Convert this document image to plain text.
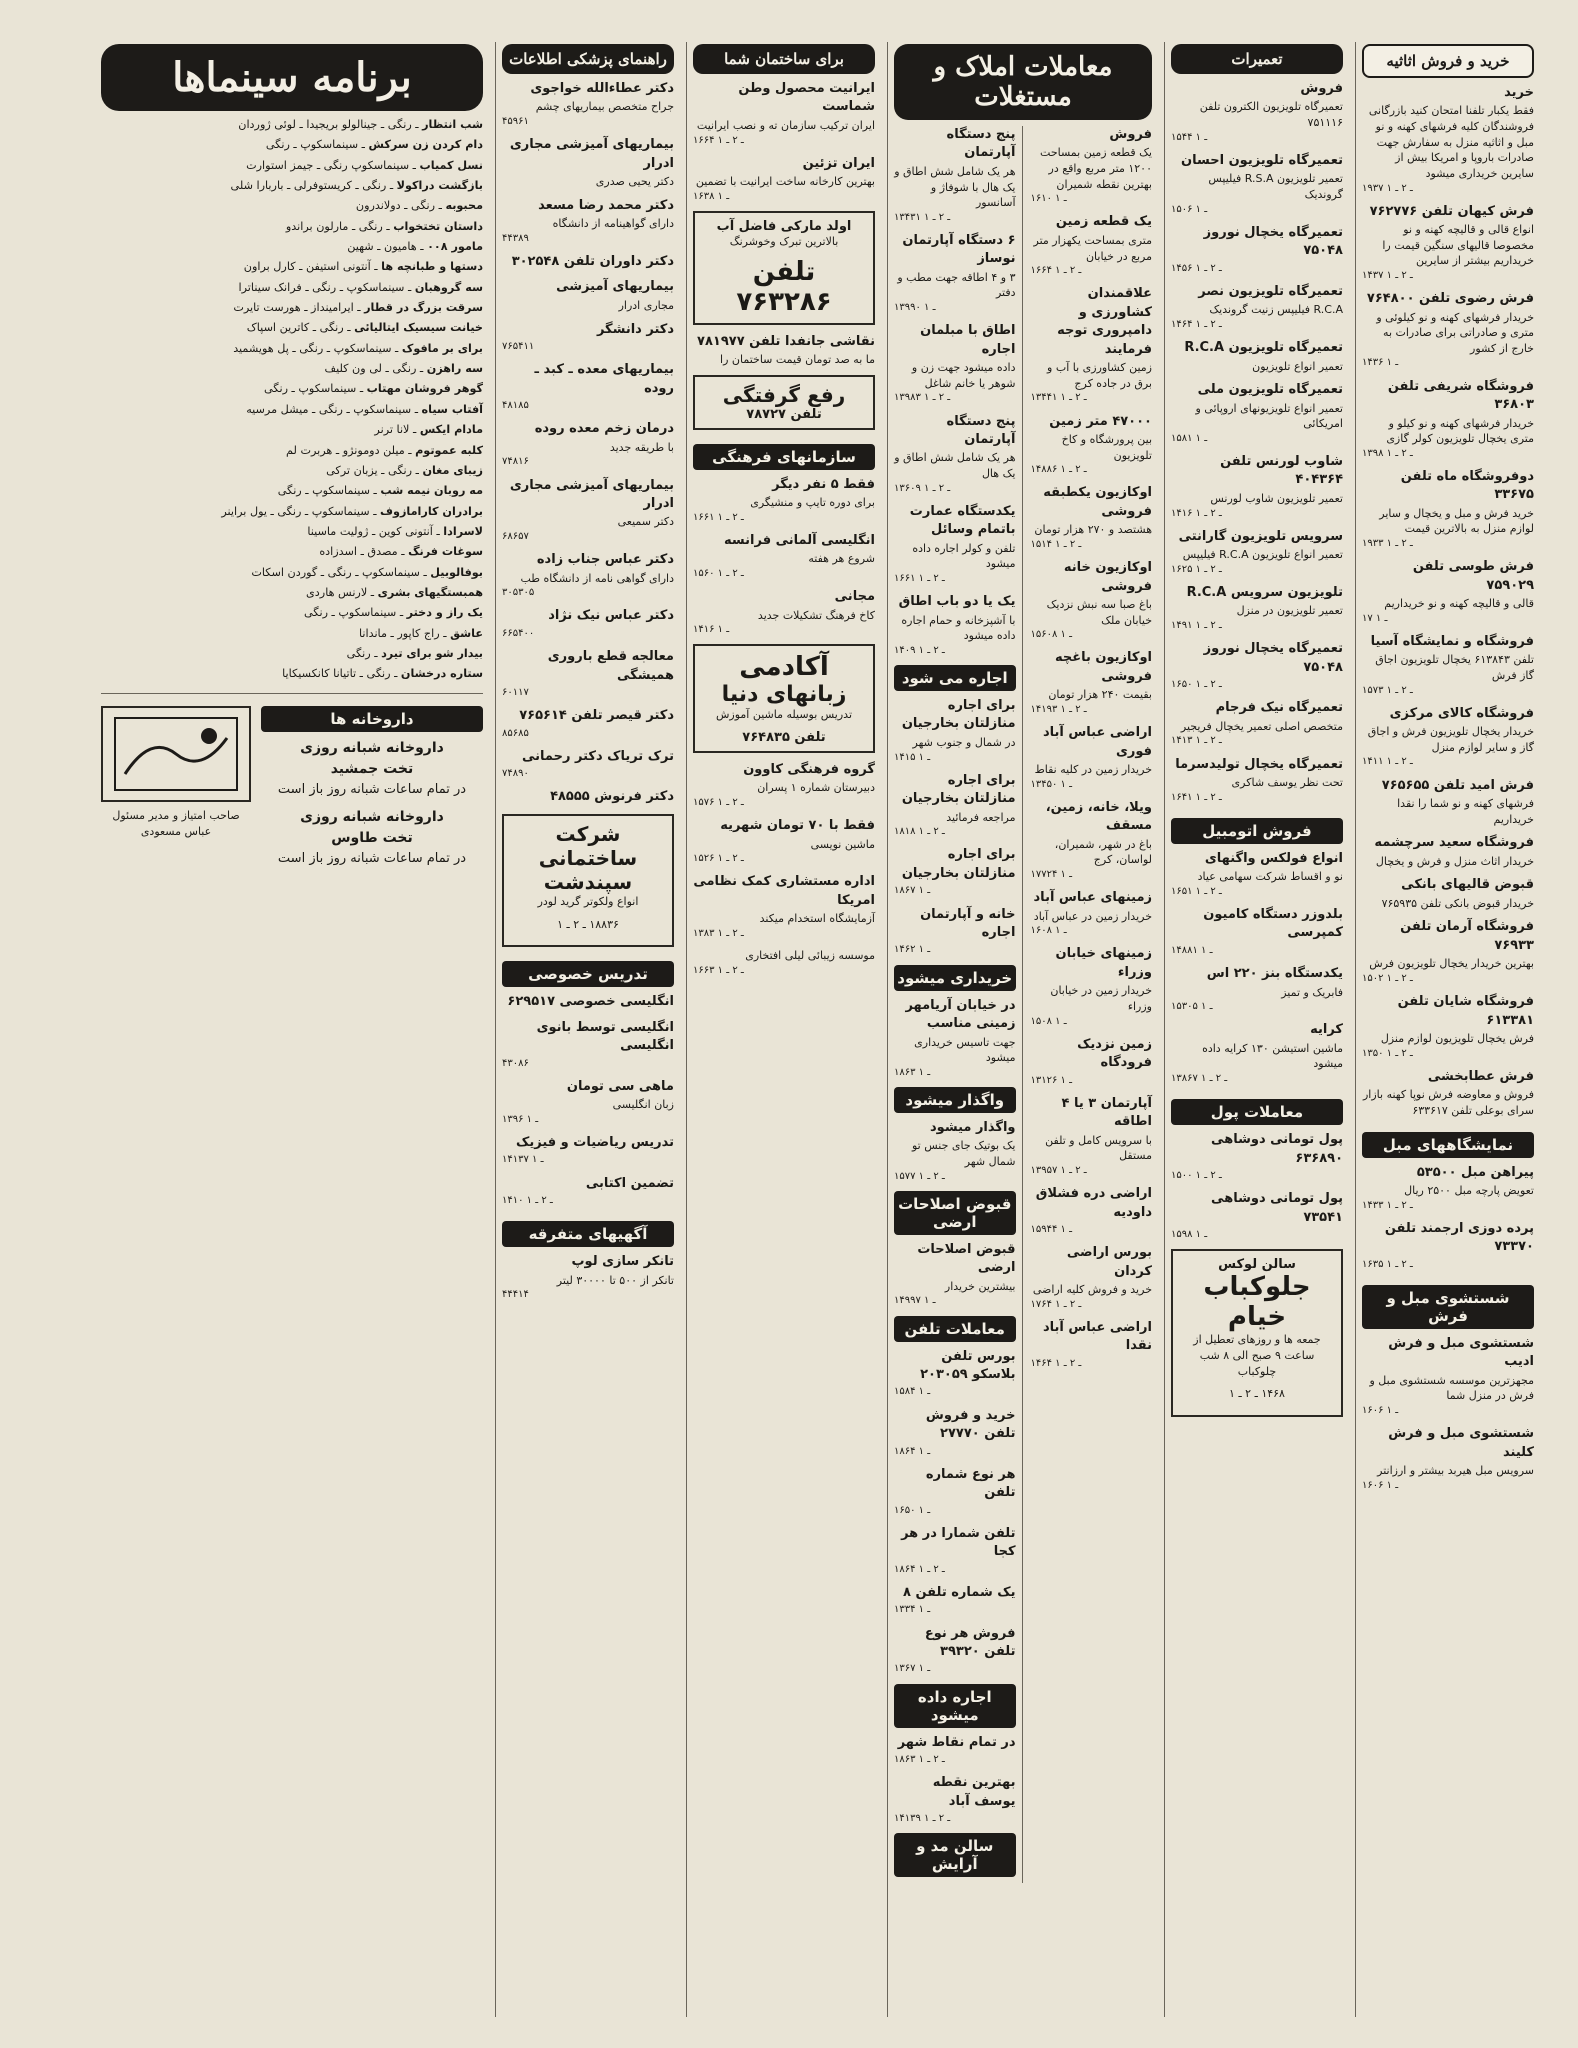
خرید و فروش اثاثیه
خرید
فقط یکبار تلفنا امتحان کنید بازرگانی فروشندگان کلیه فرشهای کهنه و نو مبل و اثاثیه منزل به سفارش جهت صادرات باروپا و امریکا بیش از سایرین خریداری میشود
۱۹۳۷ ـ ۲ ـ ۱
فرش کیهان تلفن ۷۶۲۷۷۶
انواع قالی و قالیچه کهنه و نو مخصوصا قالیهای سنگین قیمت را خریداریم بیشتر از سایرین
۱۴۳۷ ـ ۲ ـ ۱
فرش رضوی تلفن ۷۶۴۸۰۰
خریدار فرشهای کهنه و نو کیلوئی و متری و صادراتی برای صادرات به خارج از کشور
۱۴۳۶ ـ ۱
فروشگاه شریفی تلفن ۳۶۸۰۳
خریدار فرشهای کهنه و نو کیلو و متری یخچال تلویزیون کولر گازی
۱۳۹۸ ـ ۲ ـ ۱
دوفروشگاه ماه تلفن ۳۳۶۷۵
خرید فرش و مبل و یخچال و سایر لوازم منزل به بالاترین قیمت
۱۹۳۳ ـ ۲ ـ ۱
فرش طوسی تلفن ۷۵۹۰۲۹
قالی و قالیچه کهنه و نو خریداریم
۱۷ ـ ۱
فروشگاه و نمایشگاه آسیا
تلفن ۶۱۳۸۴۳ یخچال تلویزیون اجاق گاز فرش
۱۵۷۳ ـ ۲ ـ ۱
فروشگاه کالای مرکزی
خریدار یخچال تلویزیون فرش و اجاق گاز و سایر لوازم منزل
۱۴۱۱ ـ ۲ ـ ۱
فرش امید تلفن ۷۶۵۶۵۵
فرشهای کهنه و نو شما را نقدا خریداریم
فروشگاه سعید سرچشمه
خریدار اثاث منزل و فرش و یخچال
قبوض قالیهای بانکی
خریدار قبوض بانکی تلفن ۷۶۵۹۳۵
فروشگاه آرمان تلفن ۷۶۹۳۳
بهترین خریدار یخچال تلویزیون فرش
۱۵۰۲ ـ ۲ ـ ۱
فروشگاه شایان تلفن ۶۱۳۳۸۱
فرش یخچال تلویزیون لوازم منزل
۱۳۵۰ ـ ۲ ـ ۱
فرش عطابخشی
فروش و معاوضه فرش نوپا کهنه بازار سرای بوعلی تلفن ۶۳۳۶۱۷
نمایشگاههای مبل
پیراهن مبل ۵۳۵۰۰
تعویض پارچه مبل ۲۵۰۰ ریال
۱۴۳۳ ـ ۲ ـ ۱
پرده دوزی ارجمند تلفن ۷۳۳۷۰
۱۶۳۵ ـ ۲ ـ ۱
شستشوی مبل و فرش
شستشوی مبل و فرش ادیب
مجهزترین موسسه شستشوی مبل و فرش در منزل شما
۱۶۰۶ ـ ۱
شستشوی مبل و فرش کلیند
سرویس مبل هیربد بیشتر و ارزانتر
۱۶۰۶ ـ ۱
تعمیرات
فروش
تعمیرگاه تلویزیون الکترون تلفن ۷۵۱۱۱۶
۱۵۴۴ ـ ۱
تعمیرگاه تلویزیون احسان
تعمیر تلویزیون R.S.A فیلیپس گروندیک
۱۵۰۶ ـ ۱
تعمیرگاه یخچال نوروز ۷۵۰۴۸
۱۴۵۶ ـ ۲ ـ ۱
تعمیرگاه تلویزیون نصر
R.C.A فیلیپس زنیت گروندیک
۱۴۶۴ ـ ۲ ـ ۱
تعمیرگاه تلویزیون R.C.A
تعمیر انواع تلویزیون
تعمیرگاه تلویزیون ملی
تعمیر انواع تلویزیونهای اروپائی و امریکائی
۱۵۸۱ ـ ۱
شاوب لورنس تلفن ۴۰۴۳۶۴
تعمیر تلویزیون شاوب لورنس
۱۴۱۶ ـ ۲ ـ ۱
سرویس تلویزیون گارانتی
تعمیر انواع تلویزیون R.C.A فیلیپس
۱۶۲۵ ـ ۲ ـ ۱
تلویزیون سرویس R.C.A
تعمیر تلویزیون در منزل
۱۴۹۱ ـ ۲ ـ ۱
تعمیرگاه یخچال نوروز ۷۵۰۴۸
۱۶۵۰ ـ ۲ ـ ۱
تعمیرگاه نیک فرجام
متخصص اصلی تعمیر یخچال فریجیر
۱۴۱۳ ـ ۲ ـ ۱
تعمیرگاه یخچال تولیدسرما
تحت نظر یوسف شاکری
۱۶۴۱ ـ ۲ ـ ۱
فروش اتومبیل
انواع فولکس واگنهای
نو و اقساط شرکت سهامی عیاد
۱۶۵۱ ـ ۲ ـ ۱
بلدوزر دستگاه کامیون کمپرسی
۱۴۸۸۱ ـ ۱
یکدستگاه بنز ۲۲۰ اس
فابریک و تمیز
۱۵۳۰۵ ـ ۱
کرایه
ماشین استیشن ۱۳۰ کرایه داده میشود
۱۳۸۶۷ ـ ۲ ـ ۱
معاملات پول
پول تومانی دوشاهی ۶۳۶۸۹۰
۱۵۰۰ ـ ۲ ـ ۱
پول تومانی دوشاهی ۷۳۵۴۱
۱۵۹۸ ـ ۱
سالن لوکس
جلوکباب خیام
جمعه ها و روزهای تعطیل از ساعت ۹ صبح الی ۸ شب چلوکباب
۱۴۶۸ ـ ۲ ـ ۱
معاملات املاک و مستغلات
فروش
یک قطعه زمین بمساحت ۱۲۰۰ متر مربع واقع در بهترین نقطه شمیران
۱۶۱۰ ـ ۱
یک قطعه زمین
متری بمساحت یکهزار متر مربع در خیابان
۱۶۶۴ ـ ۲ ـ ۱
علاقمندان کشاورزی و دامپروری توجه فرمایند
زمین کشاورزی با آب و برق در جاده کرج
۱۳۴۴۱ ـ ۲ ـ ۱
۴۷۰۰۰ متر زمین
بین پرورشگاه و کاخ تلویزیون
۱۴۸۸۶ ـ ۲ ـ ۱
اوکازیون یکطبقه فروشی
هشتصد و ۲۷۰ هزار تومان
۱۵۱۴ ـ ۲ ـ ۱
اوکازیون خانه فروشی
باغ صبا سه نبش نزدیک خیابان ملک
۱۵۶۰۸ ـ ۱
اوکازیون باغچه فروشی
بقیمت ۲۴۰ هزار تومان
۱۴۱۹۳ ـ ۲ ـ ۱
اراضی عباس آباد فوری
خریدار زمین در کلیه نقاط
۱۳۴۵۰ ـ ۱
ویلا، خانه، زمین، مسقف
باغ در شهر، شمیران، لواسان، کرج
۱۷۷۲۴ ـ ۱
زمینهای عباس آباد
خریدار زمین در عباس آباد
۱۶۰۸ ـ ۱
زمینهای خیابان وزراء
خریدار زمین در خیابان وزراء
۱۵۰۸ ـ ۱
زمین نزدیک فرودگاه
۱۳۱۲۶ ـ ۱
آپارتمان ۳ یا ۴ اطاقه
با سرویس کامل و تلفن مستقل
۱۳۹۵۷ ـ ۲ ـ ۱
اراضی دره فشلاق داودیه
۱۵۹۴۴ ـ ۱
بورس اراضی کردان
خرید و فروش کلیه اراضی
۱۷۶۴ ـ ۲ ـ ۱
اراضی عباس آباد نقدا
۱۴۶۴ ـ ۲ ـ ۱
پنج دستگاه آپارتمان
هر یک شامل شش اطاق و یک هال با شوفاژ و آسانسور
۱۳۴۳۱ ـ ۲ ـ ۱
۶ دستگاه آپارتمان نوساز
۳ و ۴ اطاقه جهت مطب و دفتر
۱۳۹۹۰ ـ ۱
اطاق با مبلمان اجاره
داده میشود جهت زن و شوهر یا خانم شاغل
۱۳۹۸۳ ـ ۲ ـ ۱
پنج دستگاه آپارتمان
هر یک شامل شش اطاق و یک هال
۱۳۶۰۹ ـ ۲ ـ ۱
یکدستگاه عمارت باتمام وسائل
تلفن و کولر اجاره داده میشود
۱۶۶۱ ـ ۲ ـ ۱
یک یا دو باب اطاق
با آشپزخانه و حمام اجاره داده میشود
۱۴۰۹ ـ ۲ ـ ۱
اجاره می شود
برای اجاره منازلتان بخارجیان
در شمال و جنوب شهر
۱۴۱۵ ـ ۱
برای اجاره منازلتان بخارجیان
مراجعه فرمائید
۱۸۱۸ ـ ۲ ـ ۱
برای اجاره منازلتان بخارجیان
۱۸۶۷ ـ ۱
خانه و آپارتمان اجاره
۱۴۶۲ ـ ۱
خریداری میشود
در خیابان آریامهر زمینی مناسب
جهت تاسیس خریداری میشود
۱۸۶۳ ـ ۱
واگذار میشود
واگذار میشود
یک بوتیک جای جنس تو شمال شهر
۱۵۷۷ ـ ۲ ـ ۱
قبوض اصلاحات ارضی
قبوض اصلاحات ارضی
بیشترین خریدار
۱۴۹۹۷ ـ ۱
معاملات تلفن
بورس تلفن بلاسکو ۲۰۳۰۵۹
۱۵۸۴ ـ ۱
خرید و فروش تلفن ۲۷۷۷۰
۱۸۶۴ ـ ۱
هر نوع شماره تلفن
۱۶۵۰ ـ ۱
تلفن شمارا در هر کجا
۱۸۶۴ ـ ۲ ـ ۱
یک شماره تلفن ۸
۱۳۳۴ ـ ۱
فروش هر نوع تلفن ۳۹۳۲۰
۱۳۶۷ ـ ۱
اجاره داده میشود
در تمام نقاط شهر
۱۸۶۳ ـ ۲ ـ ۱
بهترین نقطه یوسف آباد
۱۴۱۳۹ ـ ۲ ـ ۱
سالن مد و آرایش
برای ساختمان شما
ایرانیت محصول وطن شماست
ایران ترکیب سازمان ته و نصب ایرانیت
۱۶۶۴ ـ ۲ ـ ۱
ایران تزئین
بهترین کارخانه ساخت ایرانیت با تضمین
۱۶۳۸ ـ ۱
اولد مارکی فاضل آب
بالاترین تبرک وخوشرنگ
تلفن ۷۶۳۲۸۶
نقاشی جانفدا تلفن ۷۸۱۹۷۷
ما به صد تومان قیمت ساختمان را
رفع گرفتگی
تلفن ۷۸۷۲۷
سازمانهای فرهنگی
فقط ۵ نفر دیگر
برای دوره تایپ و منشیگری
۱۶۶۱ ـ ۲ ـ ۱
انگلیسی آلمانی فرانسه
شروع هر هفته
۱۵۶۰ ـ ۲ ـ ۱
مجانی
کاخ فرهنگ تشکیلات جدید
۱۴۱۶ ـ ۱
آکادمی
زبانهای دنیا
تدریس بوسیله ماشین آموزش
تلفن ۷۶۴۸۳۵
گروه فرهنگی کاوون
دبیرستان شماره ۱ پسران
۱۵۷۶ ـ ۲ ـ ۱
فقط با ۷۰ تومان شهریه
ماشین نویسی
۱۵۲۶ ـ ۲ ـ ۱
اداره مستشاری کمک نظامی امریکا
آزمایشگاه استخدام میکند
۱۳۸۳ ـ ۲ ـ ۱
موسسه زیبائی لیلی افتخاری
۱۶۶۳ ـ ۲ ـ ۱
راهنمای پزشکی اطلاعات
دکتر عطاءالله خواجوی
جراح متخصص بیماریهای چشم
۴۵۹۶۱
بیماریهای آمیزشی مجاری ادرار
دکتر یحیی صدری
دکتر محمد رضا مسعد
دارای گواهینامه از دانشگاه
۴۴۳۸۹
دکتر داوران تلفن ۳۰۲۵۴۸
بیماریهای آمیزشی
مجاری ادرار
دکتر دانشگر
۷۶۵۴۱۱
بیماریهای معده ـ کبد ـ روده
۴۸۱۸۵
درمان زخم معده روده
با طریقه جدید
۷۴۸۱۶
بیماریهای آمیزشی مجاری ادرار
دکتر سمیعی
۶۸۶۵۷
دکتر عباس جناب زاده
دارای گواهی نامه از دانشگاه طب
۳۰۵۳۰۵
دکتر عباس نیک نژاد
۶۶۵۴۰۰
معالجه قطع باروری همیشگی
۶۰۱۱۷
دکتر قیصر تلفن ۷۶۵۶۱۴
۸۵۶۸۵
ترک تریاک دکتر رحمانی
۷۴۸۹۰
دکتر فرنوش ۴۸۵۵۵
شرکت ساختمانی
سپندشت
انواع ولکوتر گرید لودر
۱۸۸۳۶ ـ ۲ ـ ۱
تدریس خصوصی
انگلیسی خصوصی ۶۲۹۵۱۷
انگلیسی توسط بانوی انگلیسی
۴۳۰۸۶
ماهی سی تومان
زبان انگلیسی
۱۳۹۶ ـ ۱
تدریس ریاضیات و فیزیک
۱۴۱۳۷ ـ ۱
تضمین اکتابی
۱۴۱۰ ـ ۲ ـ ۱
آگهیهای متفرقه
تانکر سازی لوپ
تانکر از ۵۰۰ تا ۳۰۰۰۰ لیتر
۴۴۴۱۴
برنامه سینماها
شب انتظار ـ رنگی ـ جینالولو بریجیدا ـ لوئی ژوردان
دام کردن زن سرکش ـ سینماسکوپ ـ رنگی
نسل کمیاب ـ سینماسکوپ رنگی ـ جیمز استوارت
بازگشت دراکولا ـ رنگی ـ کریستوفرلی ـ باربارا شلی
محبوبه ـ رنگی ـ دولاندرون
داستان تختخواب ـ رنگی ـ مارلون براندو
مامور ۰۰۸ ـ هامیون ـ شهین
دستها و طبانچه ها ـ آنتونی استیفن ـ کارل براون
سه گروهبان ـ سینماسکوپ ـ رنگی ـ فرانک سیناترا
سرقت بزرگ در قطار ـ ایرامینداز ـ هورست تایرت
خیانت سیسیک ایتالیائی ـ رنگی ـ کاترین اسپاک
برای بر مافوک ـ سینماسکوپ ـ رنگی ـ پل هویشمید
سه راهزن ـ رنگی ـ لی ون کلیف
گوهر فروشان مهتاب ـ سینماسکوپ ـ رنگی
آفتاب سیاه ـ سینماسکوپ ـ رنگی ـ میشل مرسیه
مادام ایکس ـ لانا ترنر
کلبه عموتوم ـ میلن دومونژو ـ هربرت لم
زیبای مغان ـ رنگی ـ یزبان ترکی
مه روبان نیمه شب ـ سینماسکوپ ـ رنگی
برادران کارامازوف ـ سینماسکوپ ـ رنگی ـ یول براینر
لاسرادا ـ آنتونی کوین ـ ژولیت ماسینا
سوغات فرنگ ـ مصدق ـ اسدزاده
بوفالوبیل ـ سینماسکوپ ـ رنگی ـ گوردن اسکات
همبستگیهای بشری ـ لارنس هاردی
یک راز و دختر ـ سینماسکوپ ـ رنگی
عاشق ـ راج کاپور ـ ماندانا
بیدار شو برای تیرد ـ رنگی
ستاره درخشان ـ رنگی ـ تاتیانا کانکسیکایا
داروخانه ها
داروخانه شبانه روزی
تخت جمشید
در تمام ساعات شبانه روز باز است
داروخانه شبانه روزی
تخت طاوس
در تمام ساعات شبانه روز باز است
صاحب امتیاز و مدیر مسئول عباس مسعودی
